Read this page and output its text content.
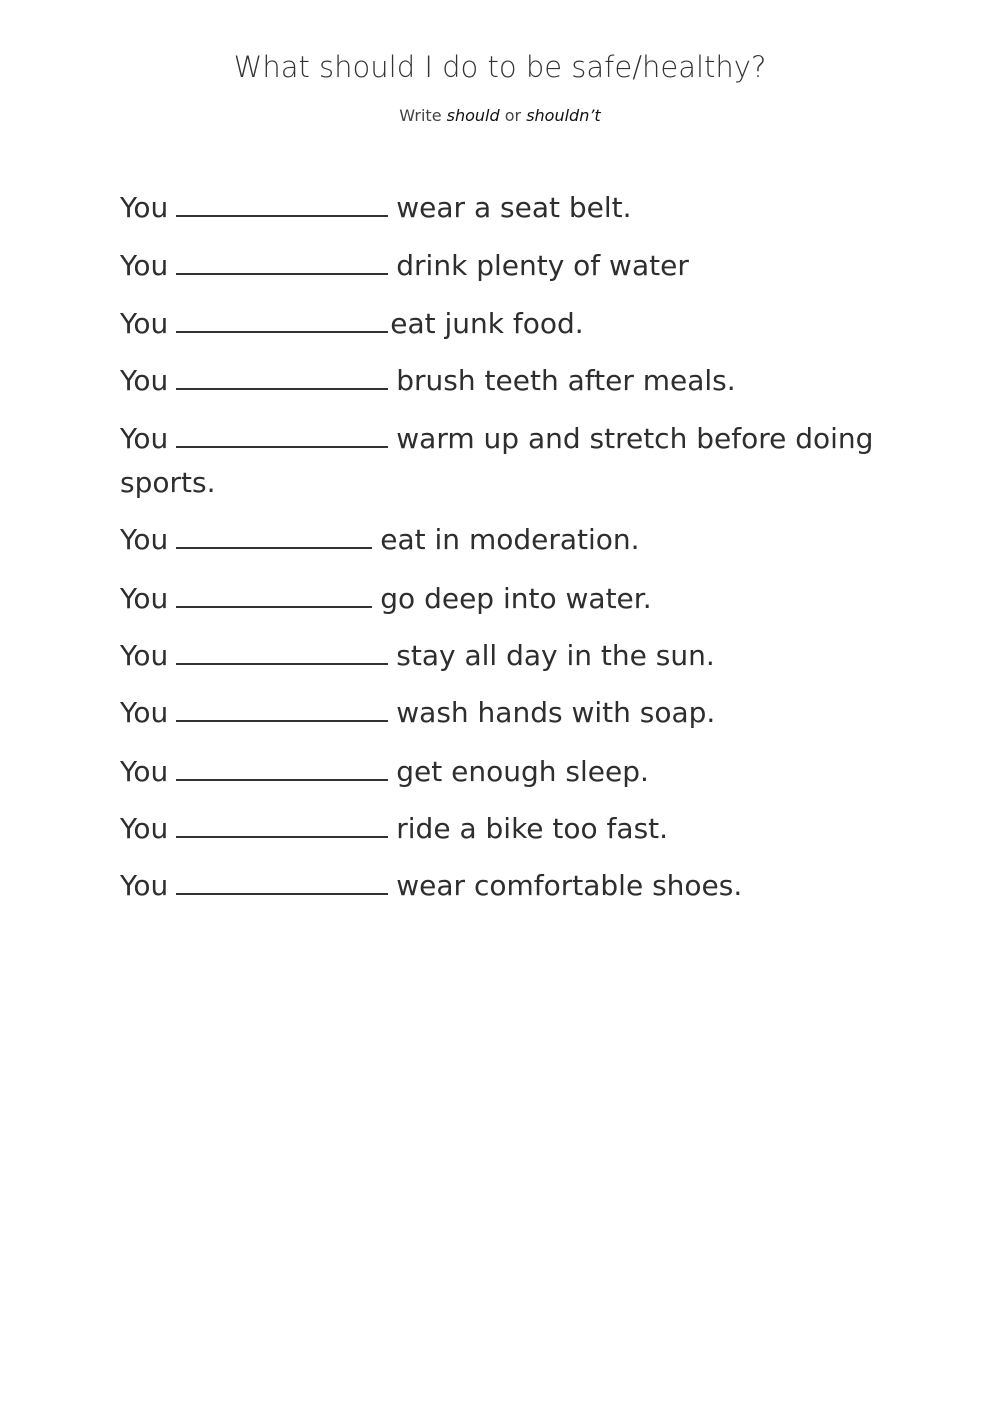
What should I do to be safe/healthy?
Write should or shouldn’t
You	wear a seat belt.
You	drink plenty of water
You	eat junk food.
You	brush teeth after meals.
You	warm up and stretch before doing sports.
You	eat in moderation.
You	go deep into water.
You	stay all day in the sun.
You	wash hands with soap.
You	get enough sleep.
You	ride a bike too fast.
You	wear comfortable shoes.
